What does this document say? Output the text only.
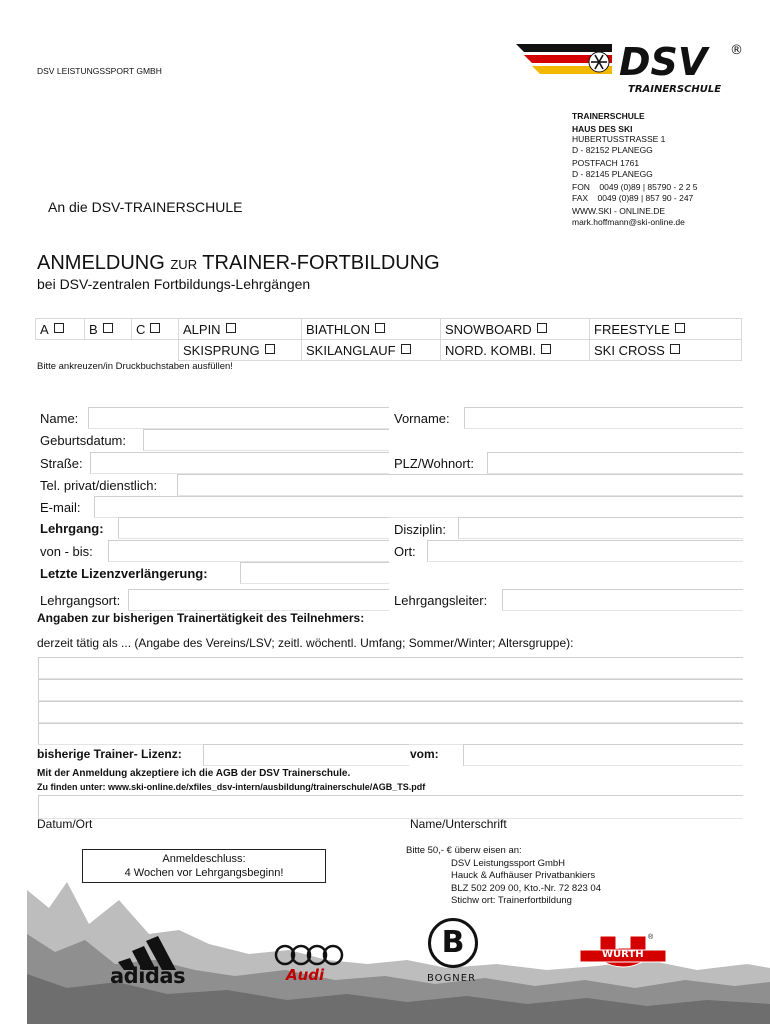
DSV LEISTUNGSSPORT GMBH	DSV ®
TRAINERSCHULE
TRAINERSCHULE
HAUS DES SKI
HUBERTUSSTRASSE 1
D - 82152 PLANEGG
POSTFACH 1761
D - 82145 PLANEGG
FON    0049 (0)89 | 85790 - 2 2 5
FAX    0049 (0)89 | 857 90 - 247
WWW.SKI - ONLINE.DE
mark.hoffmann@ski-online.de
An die DSV-TRAINERSCHULE
ANMELDUNG ZUR TRAINER-FORTBILDUNG
bei DSV-zentralen Fortbildungs-Lehrgängen
A	B	C	ALPIN	BIATHLON	SNOWBOARD	FREESTYLE
			SKISPRUNG	SKILANGLAUF	NORD. KOMBI.	SKI CROSS
Bitte ankreuzen/in Druckbuchstaben ausfüllen!
Name:	Vorname:
Geburtsdatum:
Straße:	PLZ/Wohnort:
Tel. privat/dienstlich:
E-mail:
Lehrgang:	Disziplin:
von - bis:	Ort:
Letzte Lizenzverlängerung:
Lehrgangsort:	Lehrgangsleiter:
Angaben zur bisherigen Trainertätigkeit des Teilnehmers:
derzeit tätig als ... (Angabe des Vereins/LSV; zeitl. wöchentl. Umfang; Sommer/Winter; Altersgruppe):
bisherige Trainer- Lizenz:	vom:
Mit der Anmeldung akzeptiere ich die AGB der DSV Trainerschule.
Zu finden unter: www.ski-online.de/xfiles_dsv-intern/ausbildung/trainerschule/AGB_TS.pdf
Datum/Ort	Name/Unterschrift
Anmeldeschluss:
4 Wochen vor Lehrgangsbeginn!
Bitte 50,- € überw eisen an:
DSV Leistungssport GmbH
Hauck & Aufhäuser Privatbankiers
BLZ 502 209 00, Kto.-Nr. 72 823 04
Stichw ort: Trainerfortbildung
adidas	Audi
B
BOGNER
WÜRTH
®
